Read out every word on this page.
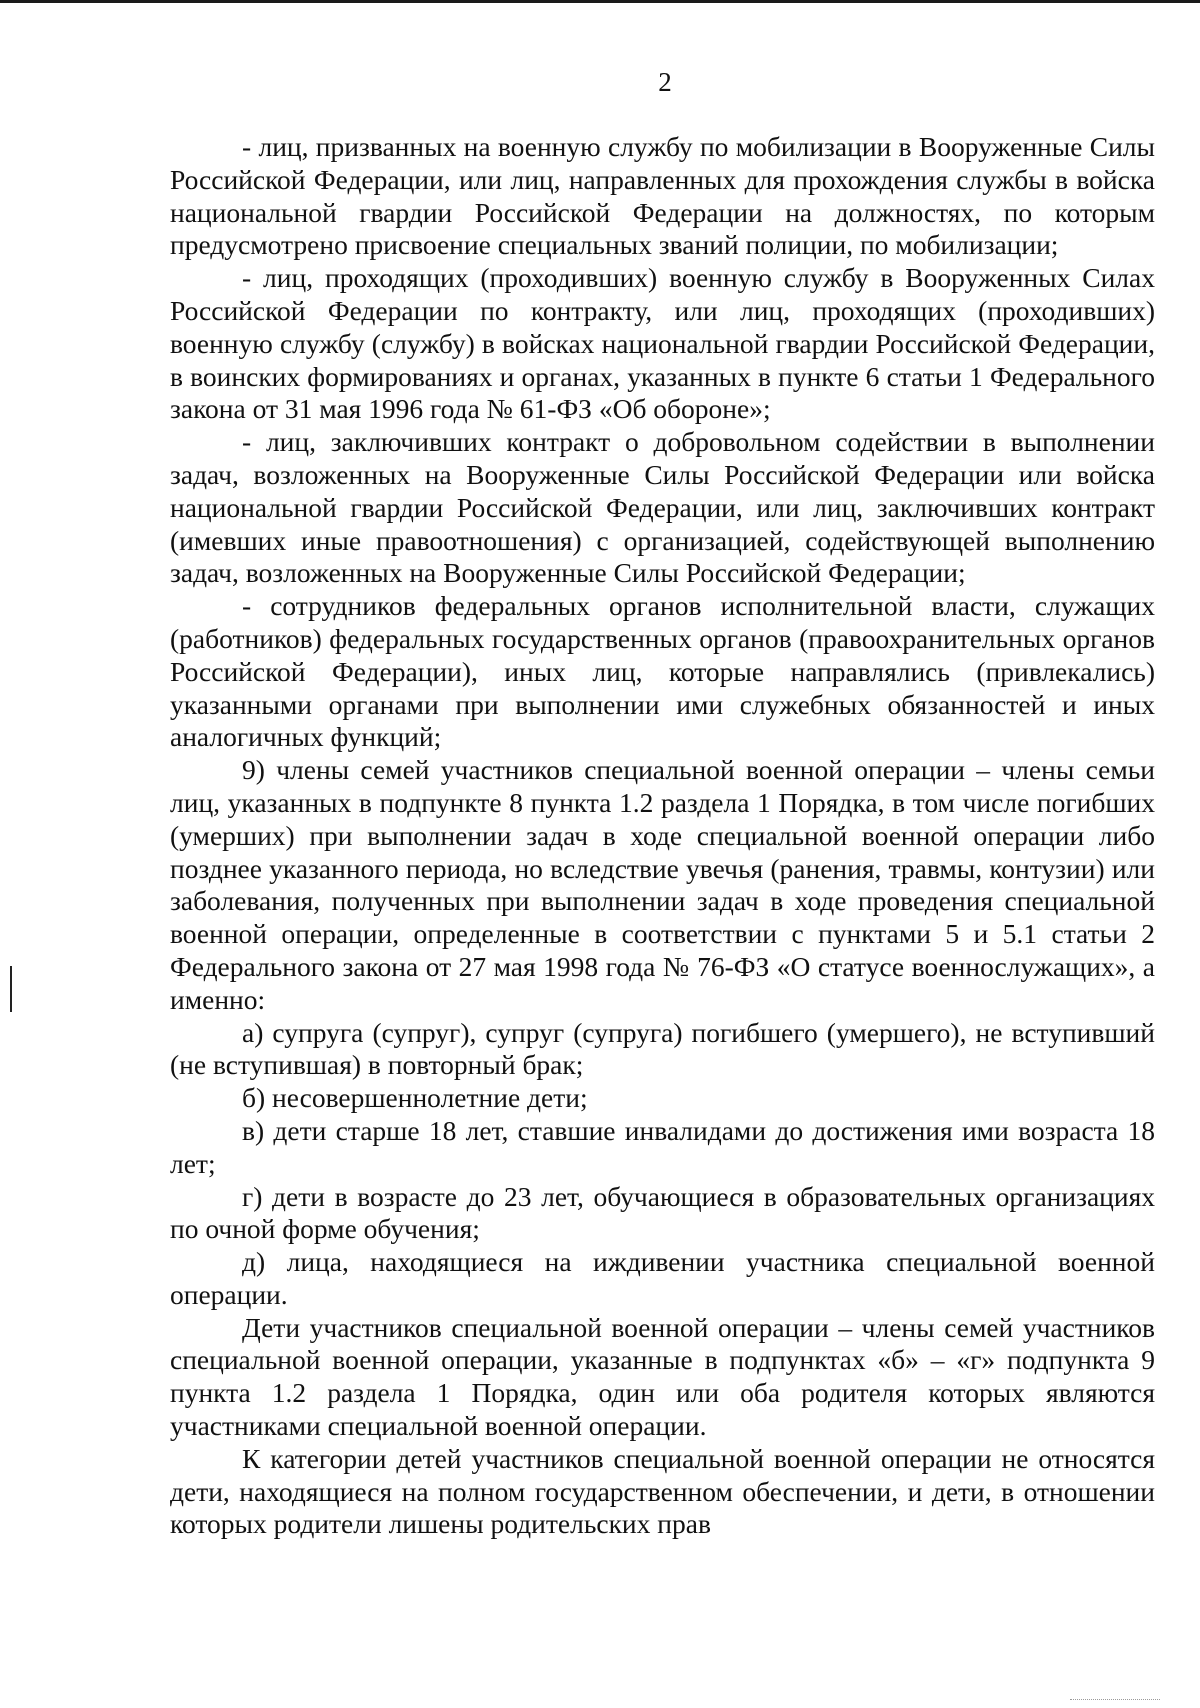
2

- лиц, призванных на военную службу по мобилизации в Вооруженные Силы Российской Федерации, или лиц, направленных для прохождения службы в войска национальной гвардии Российской Федерации на должностях, по которым предусмотрено присвоение специальных званий полиции, по мобилизации;

- лиц, проходящих (проходивших) военную службу в Вооруженных Силах Российской Федерации по контракту, или лиц, проходящих (проходивших) военную службу (службу) в войсках национальной гвардии Российской Федерации, в воинских формированиях и органах, указанных в пункте 6 статьи 1 Федерального закона от 31 мая 1996 года № 61-ФЗ «Об обороне»;

- лиц, заключивших контракт о добровольном содействии в выполнении задач, возложенных на Вооруженные Силы Российской Федерации или войска национальной гвардии Российской Федерации, или лиц, заключивших контракт (имевших иные правоотношения) с организацией, содействующей выполнению задач, возложенных на Вооруженные Силы Российской Федерации;

- сотрудников федеральных органов исполнительной власти, служащих (работников) федеральных государственных органов (правоохранительных органов Российской Федерации), иных лиц, которые направлялись (привлекались) указанными органами при выполнении ими служебных обязанностей и иных аналогичных функций;

9) члены семей участников специальной военной операции – члены семьи лиц, указанных в подпункте 8 пункта 1.2 раздела 1 Порядка, в том числе погибших (умерших) при выполнении задач в ходе специальной военной операции либо позднее указанного периода, но вследствие увечья (ранения, травмы, контузии) или заболевания, полученных при выполнении задач в ходе проведения специальной военной операции, определенные в соответствии с пунктами 5 и 5.1 статьи 2 Федерального закона от 27 мая 1998 года № 76-ФЗ «О статусе военнослужащих», а именно:

а) супруга (супруг), супруг (супруга) погибшего (умершего), не вступивший (не вступившая) в повторный брак;

б) несовершеннолетние дети;

в) дети старше 18 лет, ставшие инвалидами до достижения ими возраста 18 лет;

г) дети в возрасте до 23 лет, обучающиеся в образовательных организациях по очной форме обучения;

д) лица, находящиеся на иждивении участника специальной военной операции.

Дети участников специальной военной операции – члены семей участников специальной военной операции, указанные в подпунктах «б» – «г» подпункта 9 пункта 1.2 раздела 1 Порядка, один или оба родителя которых являются участниками специальной военной операции.

К категории детей участников специальной военной операции не относятся дети, находящиеся на полном государственном обеспечении, и дети, в отношении которых родители лишены родительских прав
